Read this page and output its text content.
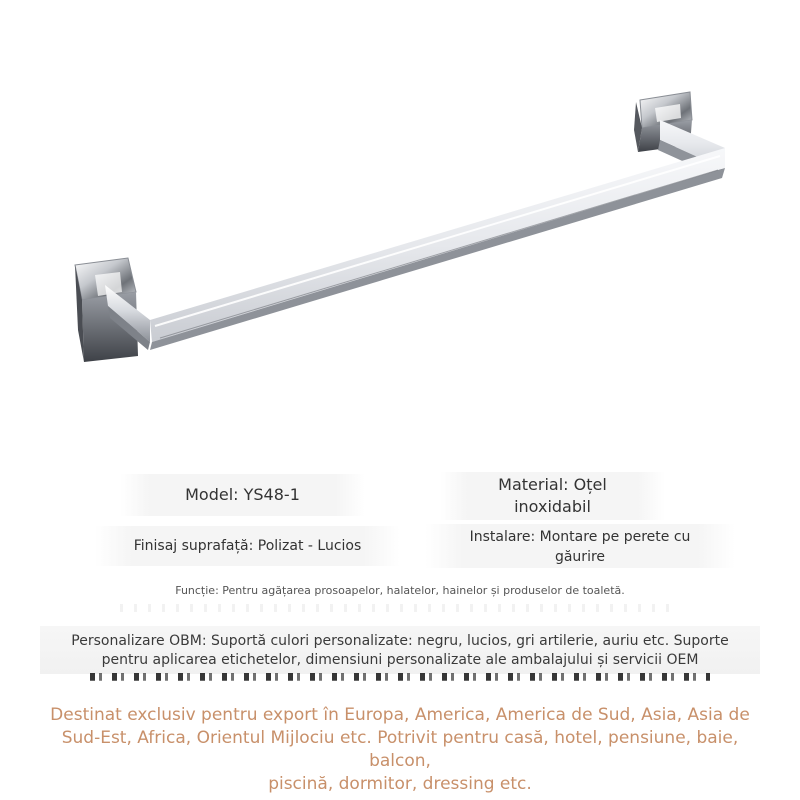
Model: YS48-1
Material: Oțel
inoxidabil
Finisaj suprafață: Polizat - Lucios
Instalare: Montare pe perete cu
găurire
Funcție: Pentru agățarea prosoapelor, halatelor, hainelor și produselor de toaletă.
Personalizare OBM: Suportă culori personalizate: negru, lucios, gri artilerie, auriu etc. Suporte
pentru aplicarea etichetelor, dimensiuni personalizate ale ambalajului și servicii OEM
Destinat exclusiv pentru export în Europa, America, America de Sud, Asia, Asia de
Sud-Est, Africa, Orientul Mijlociu etc. Potrivit pentru casă, hotel, pensiune, baie, balcon,
piscină, dormitor, dressing etc.
